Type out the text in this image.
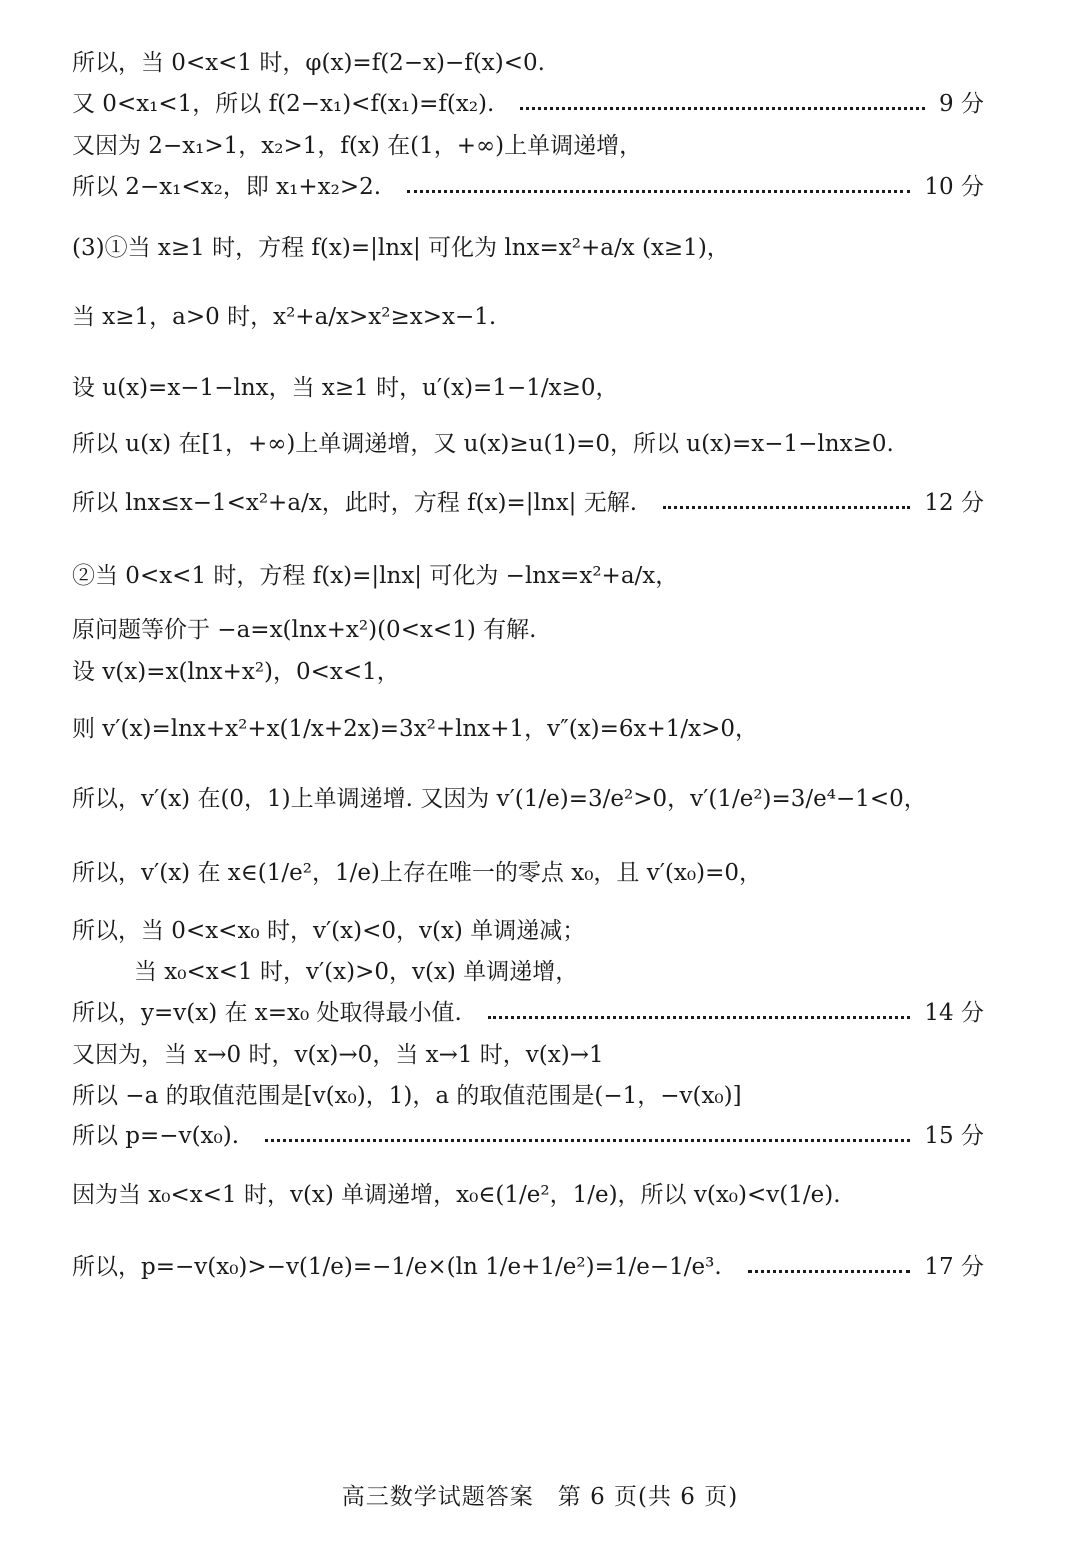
所以，当 0<x<1 时，φ(x)=f(2−x)−f(x)<0.
又 0<x₁<1，所以 f(2−x₁)<f(x₁)=f(x₂).	9 分
又因为 2−x₁>1，x₂>1，f(x) 在(1，+∞)上单调递增，
所以 2−x₁<x₂，即 x₁+x₂>2.	10 分
(3)①当 x≥1 时，方程 f(x)=|lnx| 可化为 lnx=x²+a/x (x≥1)，
当 x≥1，a>0 时，x²+a/x>x²≥x>x−1.
设 u(x)=x−1−lnx，当 x≥1 时，u′(x)=1−1/x≥0，
所以 u(x) 在[1，+∞)上单调递增，又 u(x)≥u(1)=0，所以 u(x)=x−1−lnx≥0.
所以 lnx≤x−1<x²+a/x，此时，方程 f(x)=|lnx| 无解.	12 分
②当 0<x<1 时，方程 f(x)=|lnx| 可化为 −lnx=x²+a/x，
原问题等价于 −a=x(lnx+x²)(0<x<1) 有解.
设 v(x)=x(lnx+x²)，0<x<1，
则 v′(x)=lnx+x²+x(1/x+2x)=3x²+lnx+1，v″(x)=6x+1/x>0，
所以，v′(x) 在(0，1)上单调递增. 又因为 v′(1/e)=3/e²>0，v′(1/e²)=3/e⁴−1<0，
所以，v′(x) 在 x∈(1/e²，1/e)上存在唯一的零点 x₀，且 v′(x₀)=0，
所以，当 0<x<x₀ 时，v′(x)<0，v(x) 单调递减；
当 x₀<x<1 时，v′(x)>0，v(x) 单调递增，
所以，y=v(x) 在 x=x₀ 处取得最小值.	14 分
又因为，当 x→0 时，v(x)→0，当 x→1 时，v(x)→1
所以 −a 的取值范围是[v(x₀)，1)，a 的取值范围是(−1，−v(x₀)]
所以 p=−v(x₀).	15 分
因为当 x₀<x<1 时，v(x) 单调递增，x₀∈(1/e²，1/e)，所以 v(x₀)<v(1/e).
所以，p=−v(x₀)>−v(1/e)=−1/e×(ln 1/e+1/e²)=1/e−1/e³.	17 分
高三数学试题答案　第 6 页(共 6 页)
